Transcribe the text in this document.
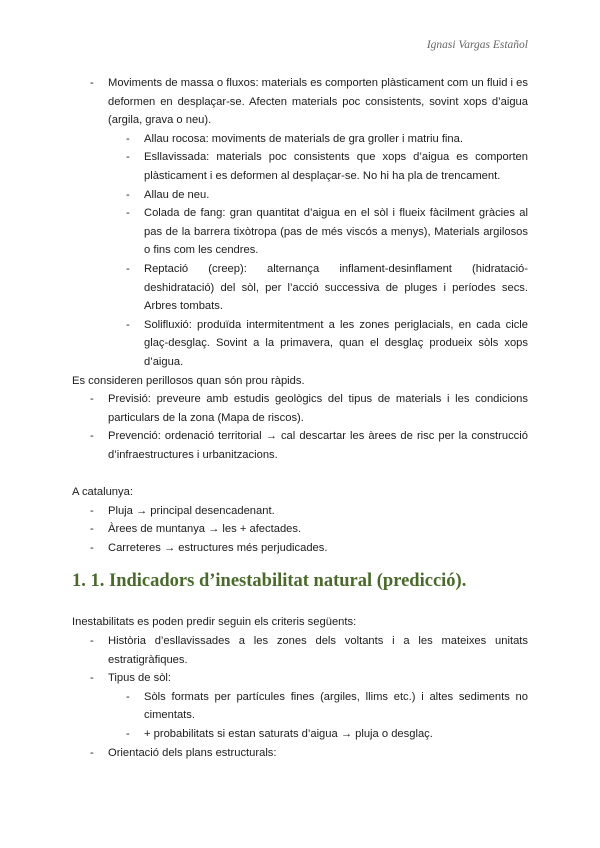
Ignasi Vargas Estañol
- Moviments de massa o fluxos: materials es comporten plàsticament com un fluid i es deformen en desplaçar-se. Afecten materials poc consistents, sovint xops d’aigua (argila, grava o neu).
- Allau rocosa: moviments de materials de gra groller i matriu fina.
- Esllavissada: materials poc consistents que xops d’aigua es comporten plàsticament i es deformen al desplaçar-se. No hi ha pla de trencament.
- Allau de neu.
- Colada de fang: gran quantitat d’aigua en el sòl i flueix fàcilment gràcies al pas de la barrera tixòtropa (pas de més viscós a menys), Materials argilosos o fins com les cendres.
- Reptació (creep): alternança inflament-desinflament (hidratació-deshidratació) del sòl, per l’acció successiva de pluges i períodes secs. Arbres tombats.
- Solifluxió: produïda intermitentment a les zones periglacials, en cada cicle glaç-desglaç. Sovint a la primavera, quan el desglaç produeix sòls xops d’aigua.

Es consideren perillosos quan són prou ràpids.

- Previsió: preveure amb estudis geològics del tipus de materials i les condicions particulars de la zona (Mapa de riscos).
- Prevenció: ordenació territorial → cal descartar les àrees de risc per la construcció d’infraestructures i urbanitzacions.

A catalunya:

- Pluja → principal desencadenant.
- Àrees de muntanya → les + afectades.
- Carreteres → estructures més perjudicades.
1. 1. Indicadors d’inestabilitat natural (predicció).

Inestabilitats es poden predir seguin els criteris següents:

- Història d’esllavissades a les zones dels voltants i a les mateixes unitats estratigràfiques.
- Tipus de sòl:
- Sòls formats per partícules fines (argiles, llims etc.) i altes sediments no cimentats.
- + probabilitats si estan saturats d’aigua → pluja o desglaç.
- Orientació dels plans estructurals:
